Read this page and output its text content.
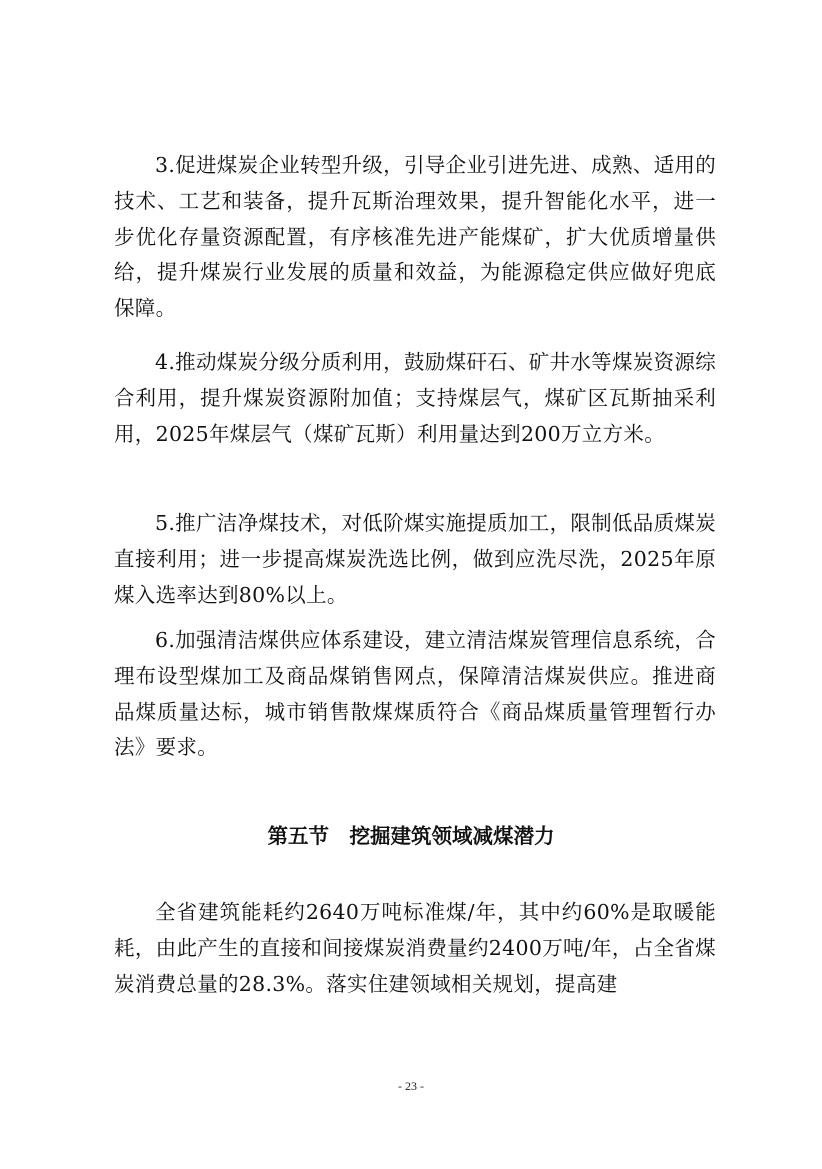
3.促进煤炭企业转型升级，引导企业引进先进、成熟、适用的技术、工艺和装备，提升瓦斯治理效果，提升智能化水平，进一步优化存量资源配置，有序核准先进产能煤矿，扩大优质增量供给，提升煤炭行业发展的质量和效益，为能源稳定供应做好兜底保障。

4.推动煤炭分级分质利用，鼓励煤矸石、矿井水等煤炭资源综合利用，提升煤炭资源附加值；支持煤层气，煤矿区瓦斯抽采利用，2025年煤层气（煤矿瓦斯）利用量达到200万立方米。

5.推广洁净煤技术，对低阶煤实施提质加工，限制低品质煤炭直接利用；进一步提高煤炭洗选比例，做到应洗尽洗，2025年原煤入选率达到80%以上。

6.加强清洁煤供应体系建设，建立清洁煤炭管理信息系统，合理布设型煤加工及商品煤销售网点，保障清洁煤炭供应。推进商品煤质量达标，城市销售散煤煤质符合《商品煤质量管理暂行办法》要求。

第五节　挖掘建筑领域减煤潜力

全省建筑能耗约2640万吨标准煤/年，其中约60%是取暖能耗，由此产生的直接和间接煤炭消费量约2400万吨/年，占全省煤炭消费总量的28.3%。落实住建领域相关规划，提高建

- 23 -
